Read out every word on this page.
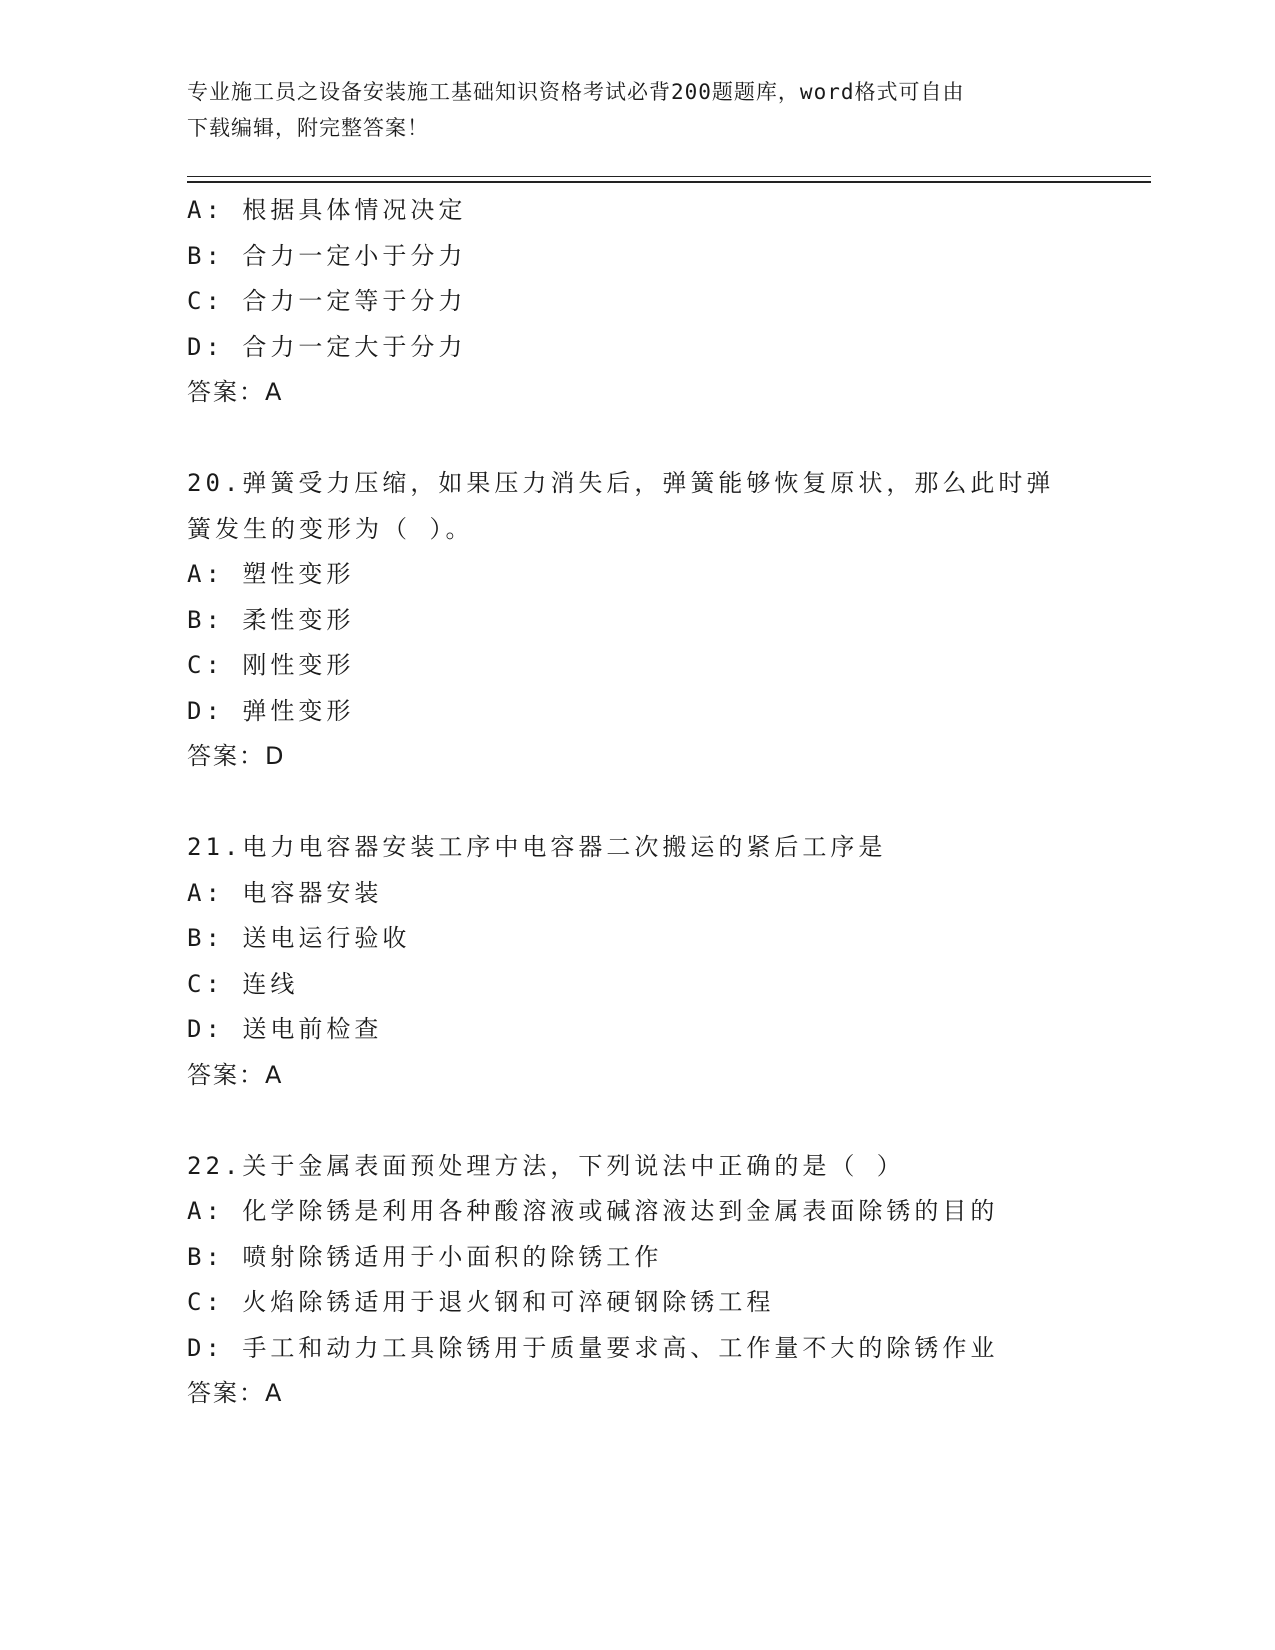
专业施工员之设备安装施工基础知识资格考试必背200题题库，word格式可自由
下载编辑，附完整答案！
A: 根据具体情况决定
B: 合力一定小于分力
C: 合力一定等于分力
D: 合力一定大于分力
答案：A
20.弹簧受力压缩，如果压力消失后，弹簧能够恢复原状，那么此时弹
簧发生的变形为（ ）。
A: 塑性变形
B: 柔性变形
C: 刚性变形
D: 弹性变形
答案：D
21.电力电容器安装工序中电容器二次搬运的紧后工序是
A: 电容器安装
B: 送电运行验收
C: 连线
D: 送电前检查
答案：A
22.关于金属表面预处理方法，下列说法中正确的是（ ）
A: 化学除锈是利用各种酸溶液或碱溶液达到金属表面除锈的目的
B: 喷射除锈适用于小面积的除锈工作
C: 火焰除锈适用于退火钢和可淬硬钢除锈工程
D: 手工和动力工具除锈用于质量要求高、工作量不大的除锈作业
答案：A
